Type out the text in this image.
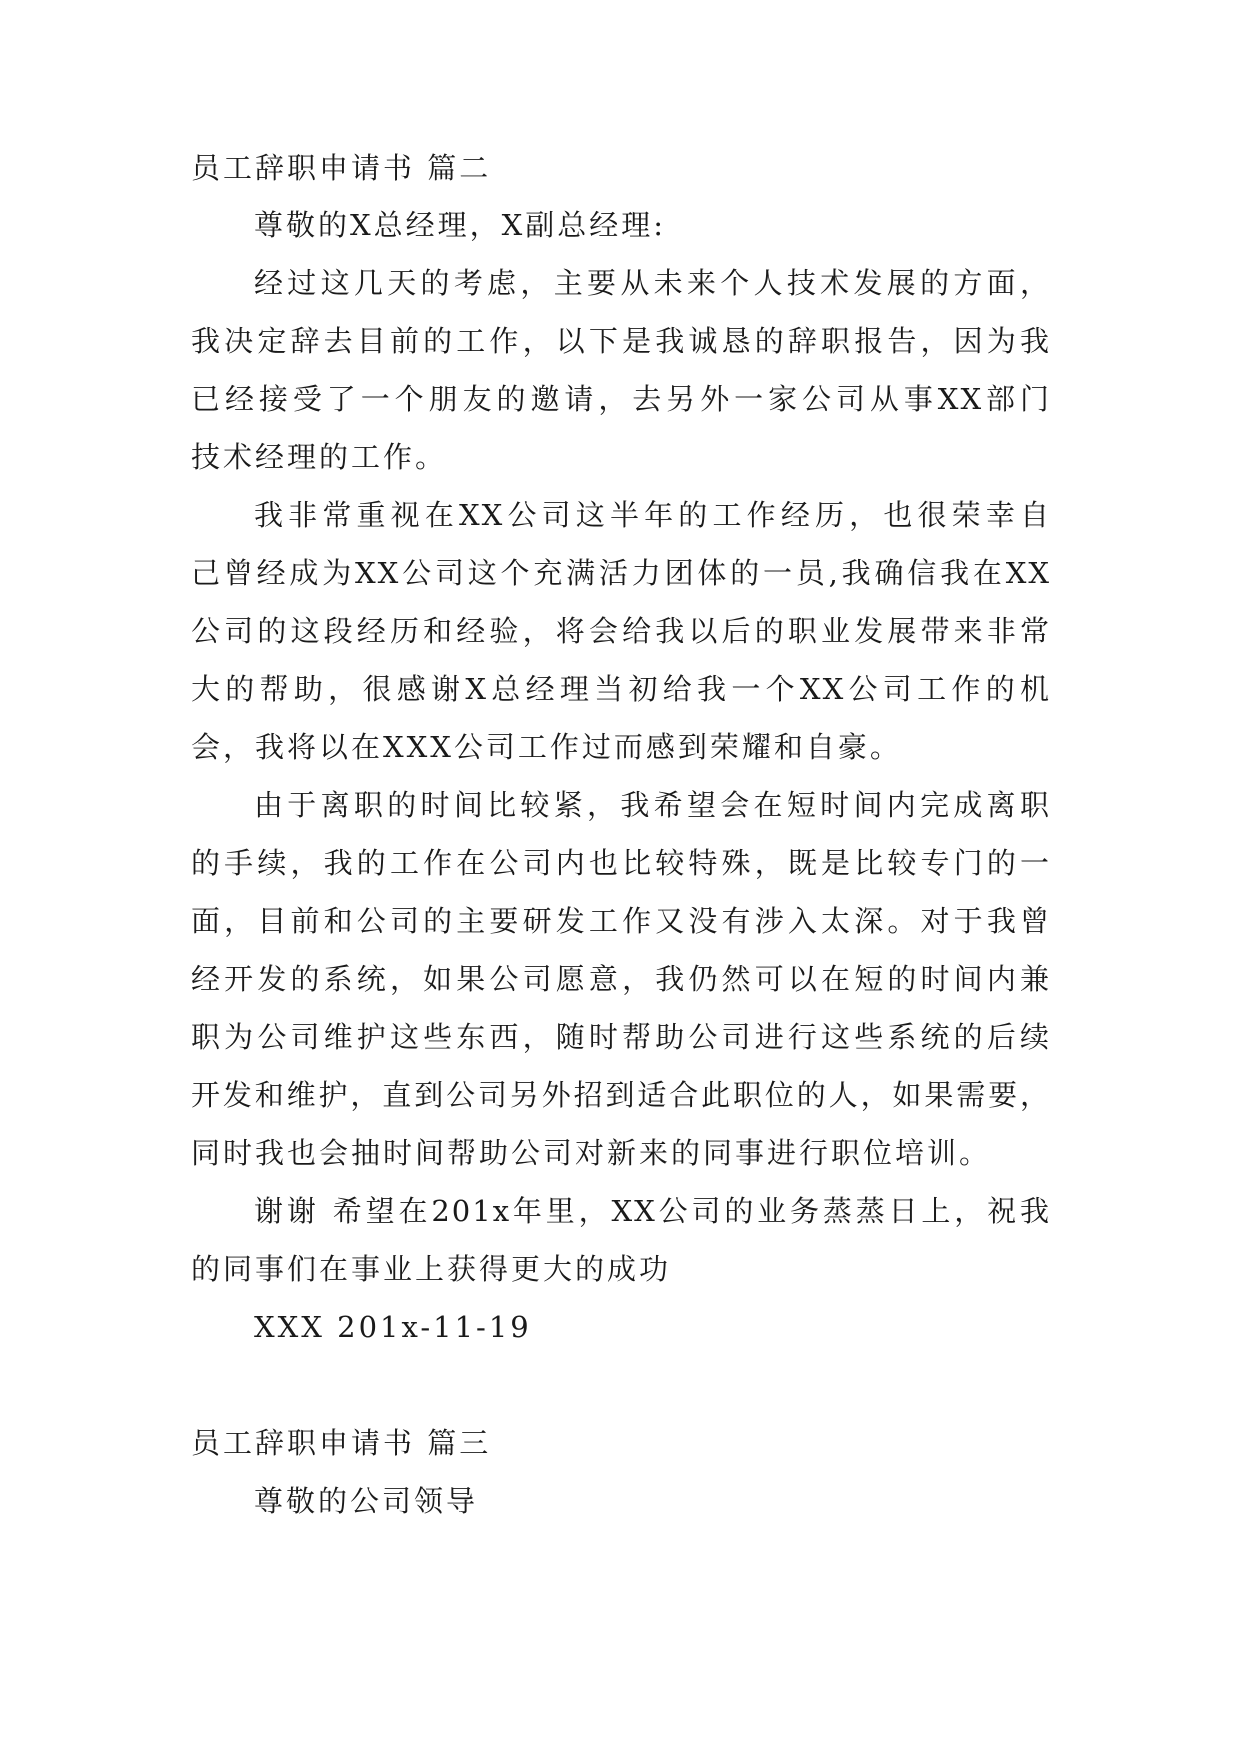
员工辞职申请书 篇二
尊敬的X总经理，X副总经理:
经过这几天的考虑，主要从未来个人技术发展的方面，
我决定辞去目前的工作，以下是我诚恳的辞职报告，因为我
已经接受了一个朋友的邀请，去另外一家公司从事XX部门
技术经理的工作。
我非常重视在XX公司这半年的工作经历，也很荣幸自
己曾经成为XX公司这个充满活力团体的一员,我确信我在XX
公司的这段经历和经验，将会给我以后的职业发展带来非常
大的帮助，很感谢X总经理当初给我一个XX公司工作的机
会，我将以在XXX公司工作过而感到荣耀和自豪。
由于离职的时间比较紧，我希望会在短时间内完成离职
的手续，我的工作在公司内也比较特殊，既是比较专门的一
面，目前和公司的主要研发工作又没有涉入太深。对于我曾
经开发的系统，如果公司愿意，我仍然可以在短的时间内兼
职为公司维护这些东西，随时帮助公司进行这些系统的后续
开发和维护，直到公司另外招到适合此职位的人，如果需要，
同时我也会抽时间帮助公司对新来的同事进行职位培训。
谢谢 希望在201x年里，XX公司的业务蒸蒸日上，祝我
的同事们在事业上获得更大的成功
XXX 201x-11-19
员工辞职申请书 篇三
尊敬的公司领导
